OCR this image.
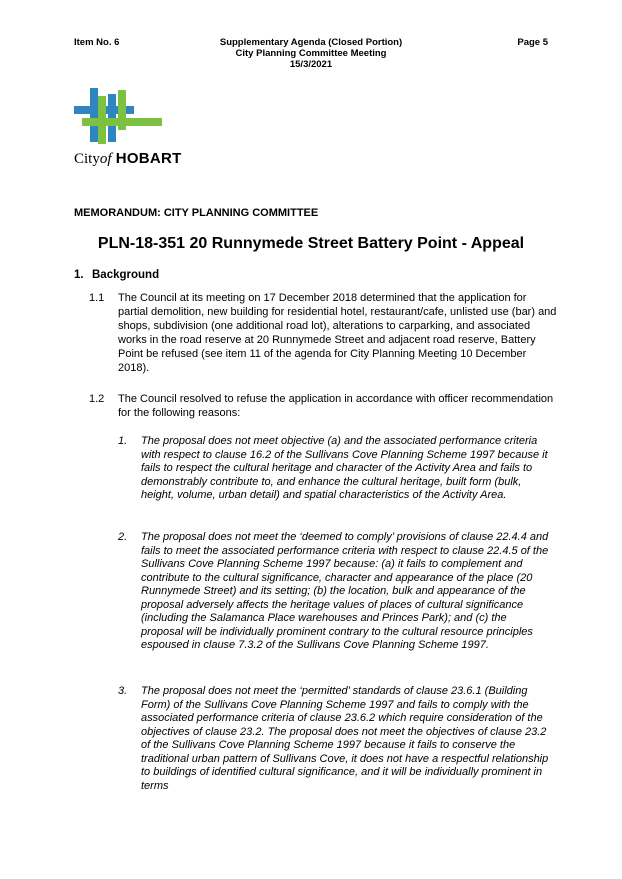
Item No. 6	Supplementary Agenda (Closed Portion)
City Planning Committee Meeting
15/3/2021
Page 5
Cityof HOBART
MEMORANDUM: CITY PLANNING COMMITTEE
PLN-18-351 20 Runnymede Street Battery Point - Appeal
1. Background
1.1 The Council at its meeting on 17 December 2018 determined that the application for partial demolition, new building for residential hotel, restaurant/cafe, unlisted use (bar) and shops, subdivision (one additional road lot), alterations to carparking, and associated works in the road reserve at 20 Runnymede Street and adjacent road reserve, Battery Point be refused (see item 11 of the agenda for City Planning Meeting 10 December 2018).
1.2 The Council resolved to refuse the application in accordance with officer recommendation for the following reasons:
1. The proposal does not meet objective (a) and the associated performance criteria with respect to clause 16.2 of the Sullivans Cove Planning Scheme 1997 because it fails to respect the cultural heritage and character of the Activity Area and fails to demonstrably contribute to, and enhance the cultural heritage, built form (bulk, height, volume, urban detail) and spatial characteristics of the Activity Area.
2. The proposal does not meet the ‘deemed to comply’ provisions of clause 22.4.4 and fails to meet the associated performance criteria with respect to clause 22.4.5 of the Sullivans Cove Planning Scheme 1997 because: (a) it fails to complement and contribute to the cultural significance, character and appearance of the place (20 Runnymede Street) and its setting; (b) the location, bulk and appearance of the proposal adversely affects the heritage values of places of cultural significance (including the Salamanca Place warehouses and Princes Park); and (c) the proposal will be individually prominent contrary to the cultural resource principles espoused in clause 7.3.2 of the Sullivans Cove Planning Scheme 1997.
3. The proposal does not meet the ‘permitted’ standards of clause 23.6.1 (Building Form) of the Sullivans Cove Planning Scheme 1997 and fails to comply with the associated performance criteria of clause 23.6.2 which require consideration of the objectives of clause 23.2. The proposal does not meet the objectives of clause 23.2 of the Sullivans Cove Planning Scheme 1997 because it fails to conserve the traditional urban pattern of Sullivans Cove, it does not have a respectful relationship to buildings of identified cultural significance, and it will be individually prominent in terms
